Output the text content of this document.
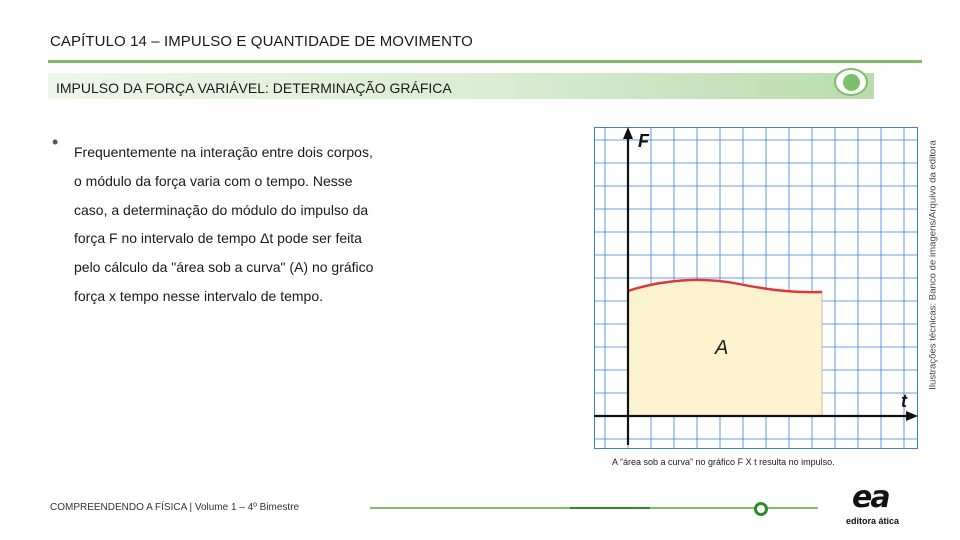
CAPÍTULO 14 – IMPULSO E QUANTIDADE DE MOVIMENTO
IMPULSO DA FORÇA VARIÁVEL: DETERMINAÇÃO GRÁFICA
• Frequentemente na interação entre dois corpos,
o módulo da força varia com o tempo. Nesse
caso, a determinação do módulo do impulso da
força F no intervalo de tempo Δt pode ser feita
pelo cálculo da "área sob a curva" (A) no gráfico
força x tempo nesse intervalo de tempo.
F
t
A	Ilustrações técnicas: Banco de imagens/Arquivo da editora
A “área sob a curva” no gráfico F X t resulta no impulso.
COMPREENDENDO A FÍSICA | Volume 1 – 4º Bimestre	ea
editora ática
